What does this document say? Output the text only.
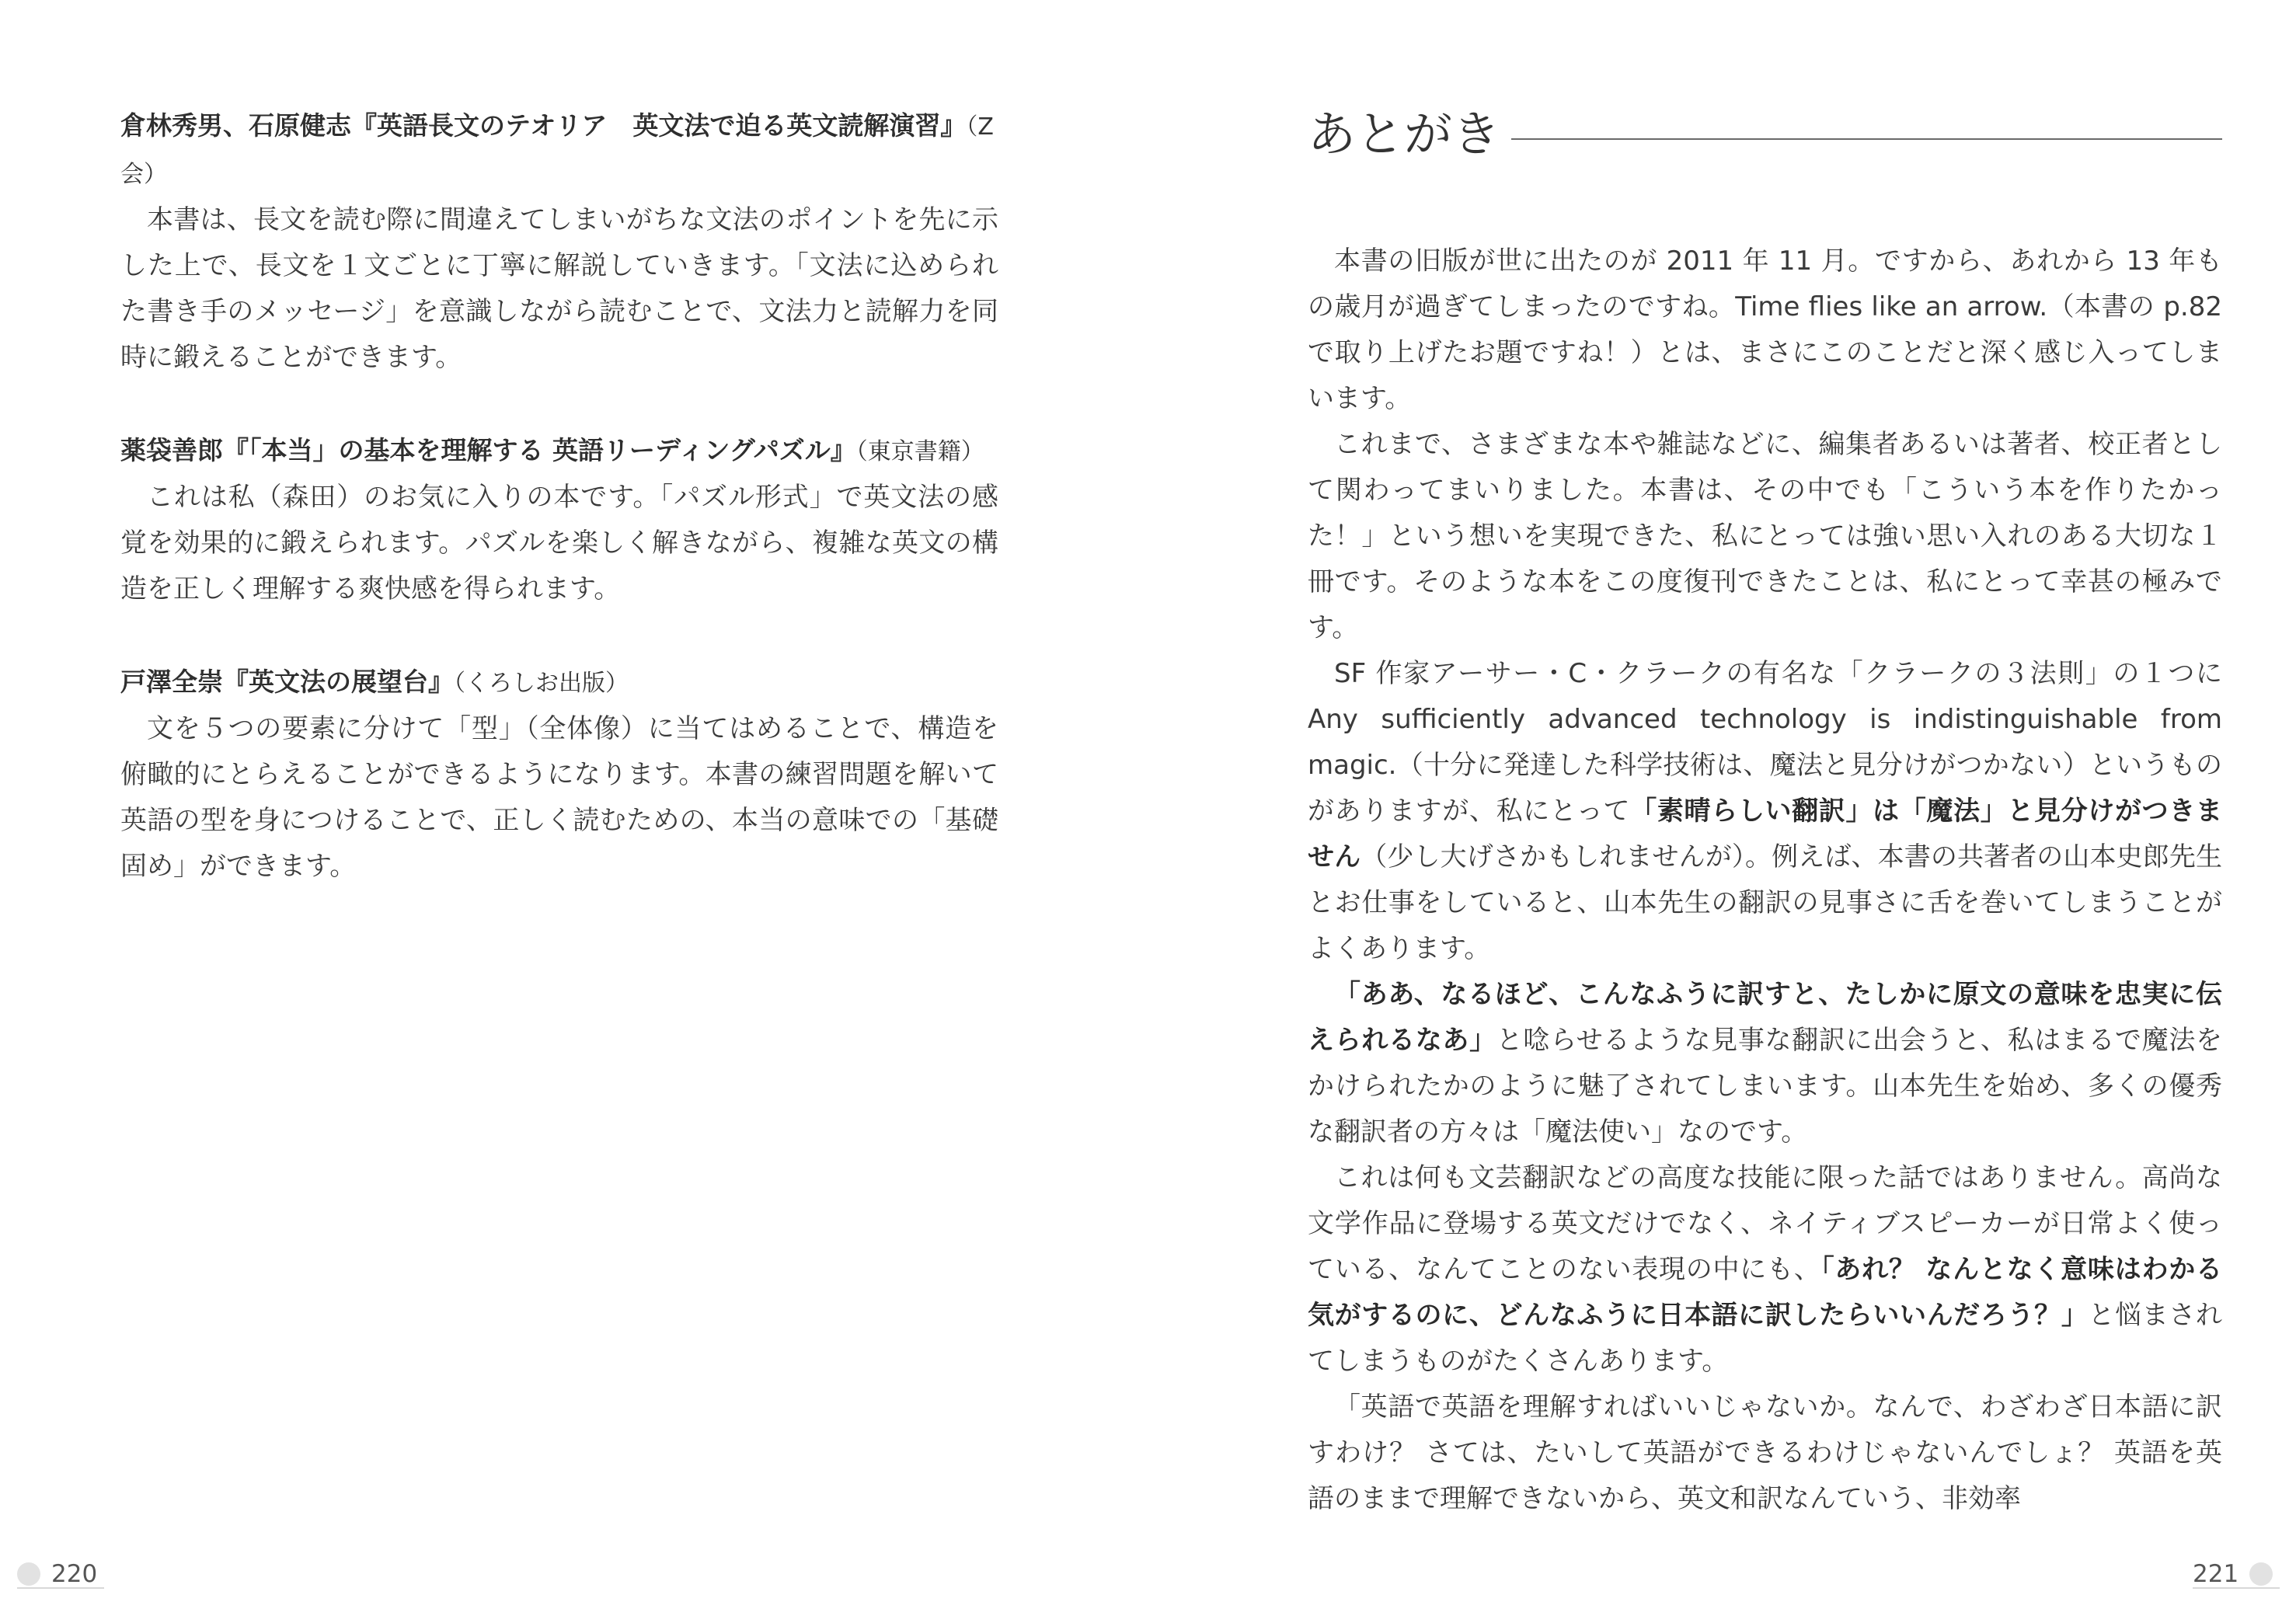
倉林秀男、石原健志『英語長文のテオリア　英文法で迫る英文読解演習』（Z会）

本書は、長文を読む際に間違えてしまいがちな文法のポイントを先に示した上で、長文を１文ごとに丁寧に解説していきます。「文法に込められた書き手のメッセージ」を意識しながら読むことで、文法力と読解力を同時に鍛えることができます。

薬袋善郎『「本当」の基本を理解する 英語リーディングパズル』（東京書籍）

これは私（森田）のお気に入りの本です。「パズル形式」で英文法の感覚を効果的に鍛えられます。パズルを楽しく解きながら、複雑な英文の構造を正しく理解する爽快感を得られます。

戸澤全崇『英文法の展望台』（くろしお出版）

文を５つの要素に分けて「型」（全体像）に当てはめることで、構造を俯瞰的にとらえることができるようになります。本書の練習問題を解いて英語の型を身につけることで、正しく読むための、本当の意味での「基礎固め」ができます。

220
あとがき

本書の旧版が世に出たのが 2011 年 11 月。ですから、あれから 13 年もの歳月が過ぎてしまったのですね。Time flies like an arrow.（本書の p.82 で取り上げたお題ですね！）とは、まさにこのことだと深く感じ入ってしまいます。

これまで、さまざまな本や雑誌などに、編集者あるいは著者、校正者として関わってまいりました。本書は、その中でも「こういう本を作りたかった！」という想いを実現できた、私にとっては強い思い入れのある大切な１冊です。そのような本をこの度復刊できたことは、私にとって幸甚の極みです。

SF 作家アーサー・C・クラークの有名な「クラークの３法則」の１つに Any sufficiently advanced technology is indistinguishable from magic.（十分に発達した科学技術は、魔法と見分けがつかない）というものがありますが、私にとって「素晴らしい翻訳」は「魔法」と見分けがつきません（少し大げさかもしれませんが）。例えば、本書の共著者の山本史郎先生とお仕事をしていると、山本先生の翻訳の見事さに舌を巻いてしまうことがよくあります。

「ああ、なるほど、こんなふうに訳すと、たしかに原文の意味を忠実に伝えられるなあ」と唸らせるような見事な翻訳に出会うと、私はまるで魔法をかけられたかのように魅了されてしまいます。山本先生を始め、多くの優秀な翻訳者の方々は「魔法使い」なのです。

これは何も文芸翻訳などの高度な技能に限った話ではありません。高尚な文学作品に登場する英文だけでなく、ネイティブスピーカーが日常よく使っている、なんてことのない表現の中にも、「あれ？ なんとなく意味はわかる気がするのに、どんなふうに日本語に訳したらいいんだろう？」と悩まされてしまうものがたくさんあります。

「英語で英語を理解すればいいじゃないか。なんで、わざわざ日本語に訳すわけ？ さては、たいして英語ができるわけじゃないんでしょ？ 英語を英語のままで理解できないから、英文和訳なんていう、非効率

221
